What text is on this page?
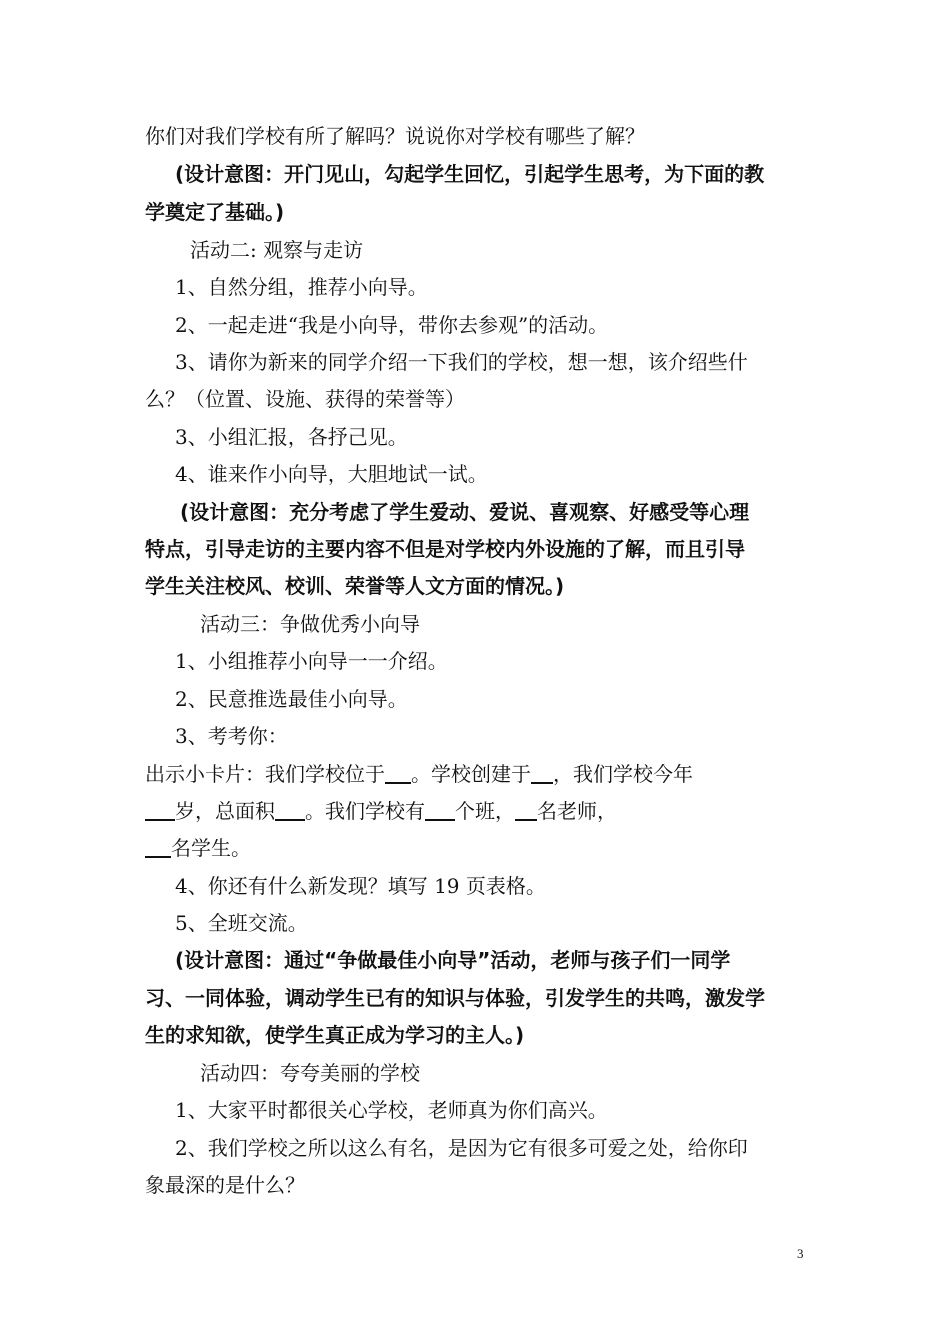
你们对我们学校有所了解吗？说说你对学校有哪些了解？
(设计意图：开门见山，勾起学生回忆，引起学生思考，为下面的教
学奠定了基础。)
活动二: 观察与走访
1、自然分组，推荐小向导。
2、一起走进“我是小向导，带你去参观”的活动。
3、请你为新来的同学介绍一下我们的学校，想一想，该介绍些什
么？（位置、设施、获得的荣誉等）
3、小组汇报，各抒己见。
4、谁来作小向导，大胆地试一试。
(设计意图：充分考虑了学生爱动、爱说、喜观察、好感受等心理
特点，引导走访的主要内容不但是对学校内外设施的了解，而且引导
学生关注校风、校训、荣誉等人文方面的情况。)
活动三：争做优秀小向导
1、小组推荐小向导一一介绍。
2、民意推选最佳小向导。
3、考考你：
出示小卡片：我们学校位于 。学校创建于 ，我们学校今年
岁，总面积 。我们学校有 个班， 名老师，
名学生。
4、你还有什么新发现？填写 19 页表格。
5、全班交流。
(设计意图：通过“争做最佳小向导”活动，老师与孩子们一同学
习、一同体验，调动学生已有的知识与体验，引发学生的共鸣，激发学
生的求知欲，使学生真正成为学习的主人。)
活动四：夸夸美丽的学校
1、大家平时都很关心学校，老师真为你们高兴。
2、我们学校之所以这么有名，是因为它有很多可爱之处，给你印
象最深的是什么？
3
